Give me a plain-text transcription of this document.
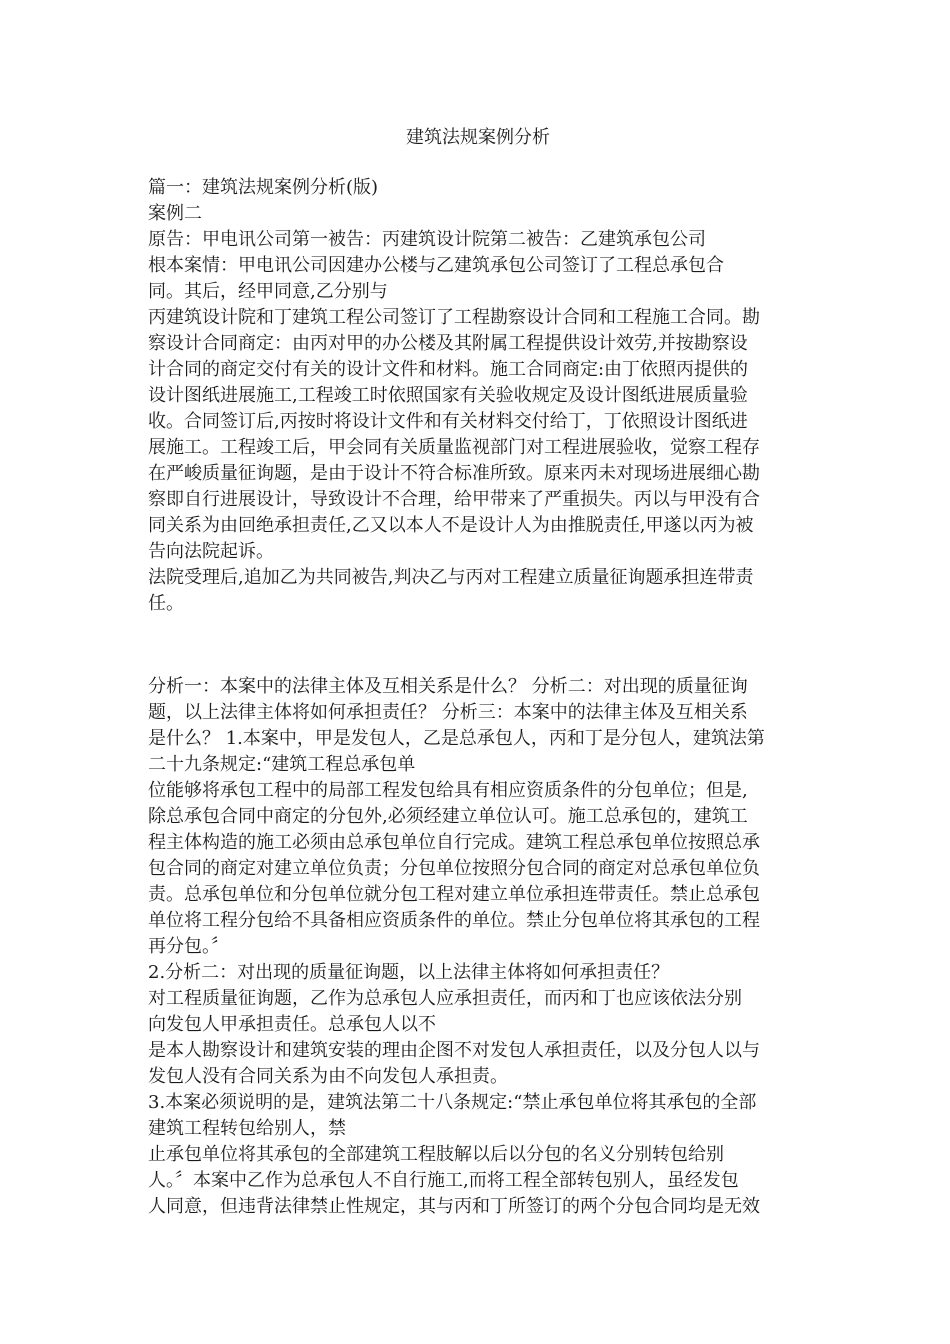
建筑法规案例分析
篇一：建筑法规案例分析(版)
案例二
原告：甲电讯公司第一被告：丙建筑设计院第二被告：乙建筑承包公司
根本案情：甲电讯公司因建办公楼与乙建筑承包公司签订了工程总承包合
同。其后，经甲同意,乙分别与
丙建筑设计院和丁建筑工程公司签订了工程勘察设计合同和工程施工合同。勘
察设计合同商定：由丙对甲的办公楼及其附属工程提供设计效劳,并按勘察设
计合同的商定交付有关的设计文件和材料。施工合同商定:由丁依照丙提供的
设计图纸进展施工,工程竣工时依照国家有关验收规定及设计图纸进展质量验
收。合同签订后,丙按时将设计文件和有关材料交付给丁，丁依照设计图纸进
展施工。工程竣工后，甲会同有关质量监视部门对工程进展验收，觉察工程存
在严峻质量征询题，是由于设计不符合标准所致。原来丙未对现场进展细心勘
察即自行进展设计，导致设计不合理，给甲带来了严重损失。丙以与甲没有合
同关系为由回绝承担责任,乙又以本人不是设计人为由推脱责任,甲遂以丙为被
告向法院起诉。
法院受理后,追加乙为共同被告,判决乙与丙对工程建立质量征询题承担连带责
任。
分析一：本案中的法律主体及互相关系是什么？ 分析二：对出现的质量征询
题，以上法律主体将如何承担责任？ 分析三：本案中的法律主体及互相关系
是什么？ 1.本案中，甲是发包人，乙是总承包人，丙和丁是分包人，建筑法第
二十九条规定:“建筑工程总承包单
位能够将承包工程中的局部工程发包给具有相应资质条件的分包单位；但是,
除总承包合同中商定的分包外,必须经建立单位认可。施工总承包的，建筑工
程主体构造的施工必须由总承包单位自行完成。建筑工程总承包单位按照总承
包合同的商定对建立单位负责；分包单位按照分包合同的商定对总承包单位负
责。总承包单位和分包单位就分包工程对建立单位承担连带责任。禁止总承包
单位将工程分包给不具备相应资质条件的单位。禁止分包单位将其承包的工程
再分包。〞
2.分析二：对出现的质量征询题，以上法律主体将如何承担责任？
对工程质量征询题，乙作为总承包人应承担责任，而丙和丁也应该依法分别
向发包人甲承担责任。总承包人以不
是本人勘察设计和建筑安装的理由企图不对发包人承担责任，以及分包人以与
发包人没有合同关系为由不向发包人承担责。
3.本案必须说明的是，建筑法第二十八条规定:“禁止承包单位将其承包的全部
建筑工程转包给别人，禁
止承包单位将其承包的全部建筑工程肢解以后以分包的名义分别转包给别
人。〞本案中乙作为总承包人不自行施工,而将工程全部转包别人，虽经发包
人同意，但违背法律禁止性规定，其与丙和丁所签订的两个分包合同均是无效
